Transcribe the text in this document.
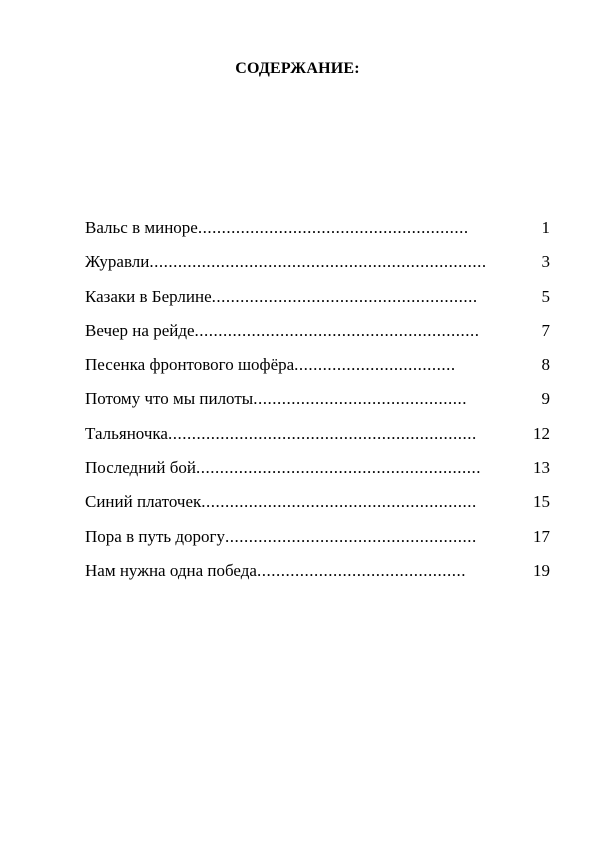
СОДЕРЖАНИЕ:
Вальс в миноре .........................................................	1
Журавли .......................................................................	3
Казаки в Берлине ........................................................	5
Вечер на рейде ............................................................	7
Песенка фронтового шофёра ..................................	8
Потому что мы пилоты .............................................	9
Тальяночка .................................................................	12
Последний бой ............................................................	13
Синий платочек ..........................................................	15
Пора в путь дорогу .....................................................	17
Нам нужна одна победа ............................................	19
